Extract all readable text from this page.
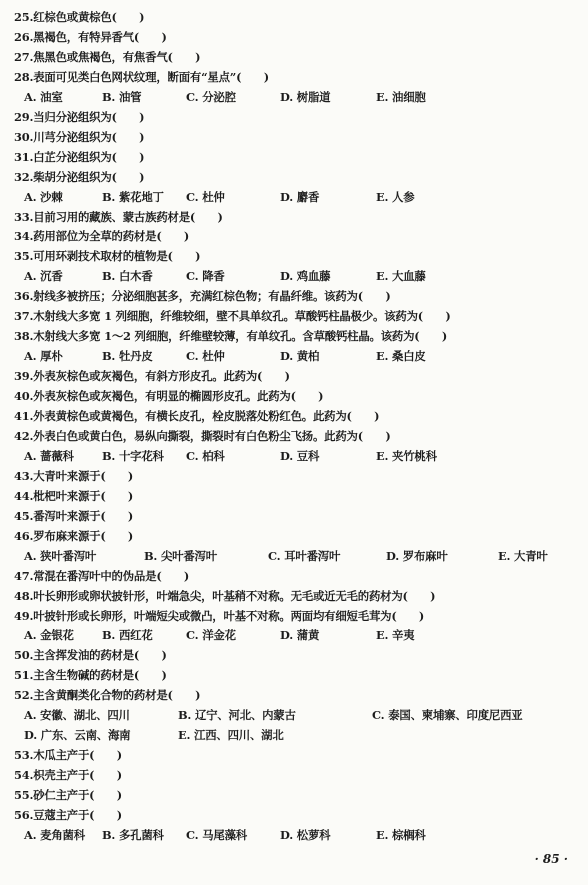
25.红棕色或黄棕色(　　)
26.黑褐色，有特异香气(　　)
27.焦黑色或焦褐色，有焦香气(　　)
28.表面可见类白色网状纹理，断面有“星点”(　　)
A. 油室	B. 油管	C. 分泌腔	D. 树脂道	E. 油细胞
29.当归分泌组织为(　　)
30.川芎分泌组织为(　　)
31.白芷分泌组织为(　　)
32.柴胡分泌组织为(　　)
A. 沙棘	B. 紫花地丁 C. 杜仲	D. 麝香	E. 人参
33.目前习用的藏族、蒙古族药材是(　　)
34.药用部位为全草的药材是(　　)
35.可用环剥技术取材的植物是(　　)
A. 沉香	B. 白木香	C. 降香	D. 鸡血藤	E. 大血藤
36.射线多被挤压；分泌细胞甚多，充满红棕色物；有晶纤维。该药为(　　)
37.木射线大多宽 1 列细胞，纤维较细，壁不具单纹孔。草酸钙柱晶极少。该药为(　　)
38.木射线大多宽 1～2 列细胞，纤维壁较薄，有单纹孔。含草酸钙柱晶。该药为(　　)
A. 厚朴	B. 牡丹皮	C. 杜仲	D. 黄柏	E. 桑白皮
39.外表灰棕色或灰褐色，有斜方形皮孔。此药为(　　)
40.外表灰棕色或灰褐色，有明显的椭圆形皮孔。此药为(　　)
41.外表黄棕色或黄褐色，有横长皮孔，栓皮脱落处粉红色。此药为(　　)
42.外表白色或黄白色，易纵向撕裂，撕裂时有白色粉尘飞扬。此药为(　　)
A. 蔷薇科 B. 十字花科 C. 柏科	D. 豆科	E. 夹竹桃科
43.大青叶来源于(　　)
44.枇杷叶来源于(　　)
45.番泻叶来源于(　　)
46.罗布麻来源于(　　)
A. 狭叶番泻叶	B. 尖叶番泻叶	C. 耳叶番泻叶	D. 罗布麻叶	E. 大青叶
47.常混在番泻叶中的伪品是(　　)
48.叶长卵形或卵状披针形，叶端急尖，叶基稍不对称。无毛或近无毛的药材为(　　)
49.叶披针形或长卵形，叶端短尖或微凸，叶基不对称。两面均有细短毛茸为(　　)
A. 金银花 B. 西红花	C. 洋金花	D. 蒲黄	E. 辛夷
50.主含挥发油的药材是(　　)
51.主含生物碱的药材是(　　)
52.主含黄酮类化合物的药材是(　　)
A. 安徽、湖北、四川	B. 辽宁、河北、内蒙古	C. 泰国、柬埔寨、印度尼西亚
D. 广东、云南、海南	E. 江西、四川、湖北
53.木瓜主产于(　　)
54.枳壳主产于(　　)
55.砂仁主产于(　　)
56.豆蔻主产于(　　)
A. 麦角菌科 B. 多孔菌科 C. 马尾藻科	D. 松萝科	E. 棕榈科
· 85 ·
